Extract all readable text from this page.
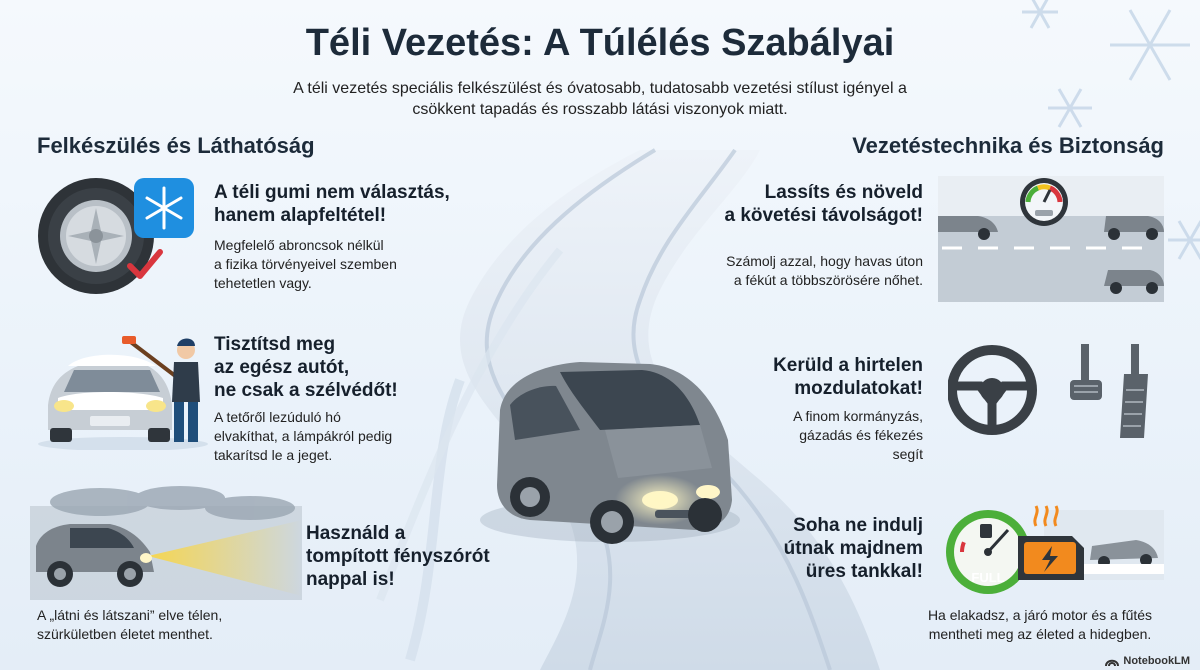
Téli Vezetés: A Túlélés Szabályai

A téli vezetés speciális felkészülést és óvatosabb, tudatosabb vezetési stílust igényel a csökkent tapadás és rosszabb látási viszonyok miatt.

Felkészülés és Láthatóság	Vezetéstechnika és Biztonság

A téli gumi nem választás,
hanem alapfeltétel!

Megfelelő abroncsok nélkül
a fizika törvényeivel szemben
tehetetlen vagy.

Tisztítsd meg
az egész autót,
ne csak a szélvédőt!

A tetőről lezúduló hó
elvakíthat, a lámpákról pedig
takarítsd le a jeget.

Használd a
tompított fényszórót
nappal is!

A „látni és látszani” elve télen,
szürkületben életet menthet.

Lassíts és növeld
a követési távolságot!

Számolj azzal, hogy havas úton
a fékút a többszörösére nőhet.

Kerüld a hirtelen
mozdulatokat!

A finom kormányzás,
gázadás és fékezés
segít

FULL

Soha ne indulj
útnak majdnem
üres tankkal!

Ha elakadsz, a járó motor és a fűtés
mentheti meg az életed a hidegben.

NotebookLM
